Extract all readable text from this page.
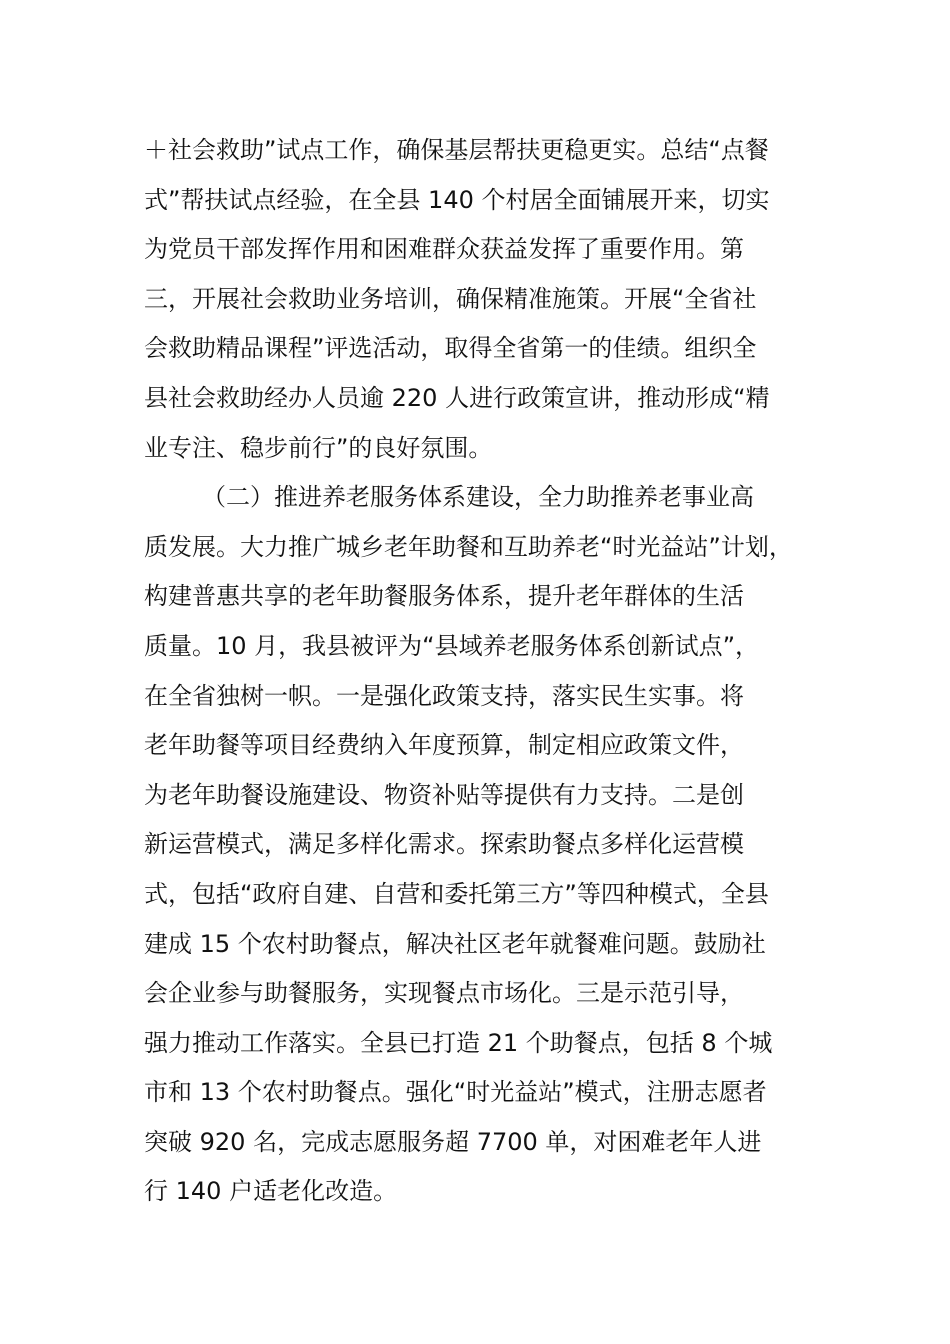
＋社会救助”试点工作，确保基层帮扶更稳更实。总结“点餐
式”帮扶试点经验，在全县 140 个村居全面铺展开来，切实
为党员干部发挥作用和困难群众获益发挥了重要作用。第
三，开展社会救助业务培训，确保精准施策。开展“全省社
会救助精品课程”评选活动，取得全省第一的佳绩。组织全
县社会救助经办人员逾 220 人进行政策宣讲，推动形成“精
业专注、稳步前行”的良好氛围。
（二）推进养老服务体系建设，全力助推养老事业高
质发展。大力推广城乡老年助餐和互助养老“时光益站”计划，
构建普惠共享的老年助餐服务体系，提升老年群体的生活
质量。10 月，我县被评为“县域养老服务体系创新试点”，
在全省独树一帜。一是强化政策支持，落实民生实事。将
老年助餐等项目经费纳入年度预算，制定相应政策文件，
为老年助餐设施建设、物资补贴等提供有力支持。二是创
新运营模式，满足多样化需求。探索助餐点多样化运营模
式，包括“政府自建、自营和委托第三方”等四种模式，全县
建成 15 个农村助餐点，解决社区老年就餐难问题。鼓励社
会企业参与助餐服务，实现餐点市场化。三是示范引导，
强力推动工作落实。全县已打造 21 个助餐点，包括 8 个城
市和 13 个农村助餐点。强化“时光益站”模式，注册志愿者
突破 920 名，完成志愿服务超 7700 单，对困难老年人进
行 140 户适老化改造。
